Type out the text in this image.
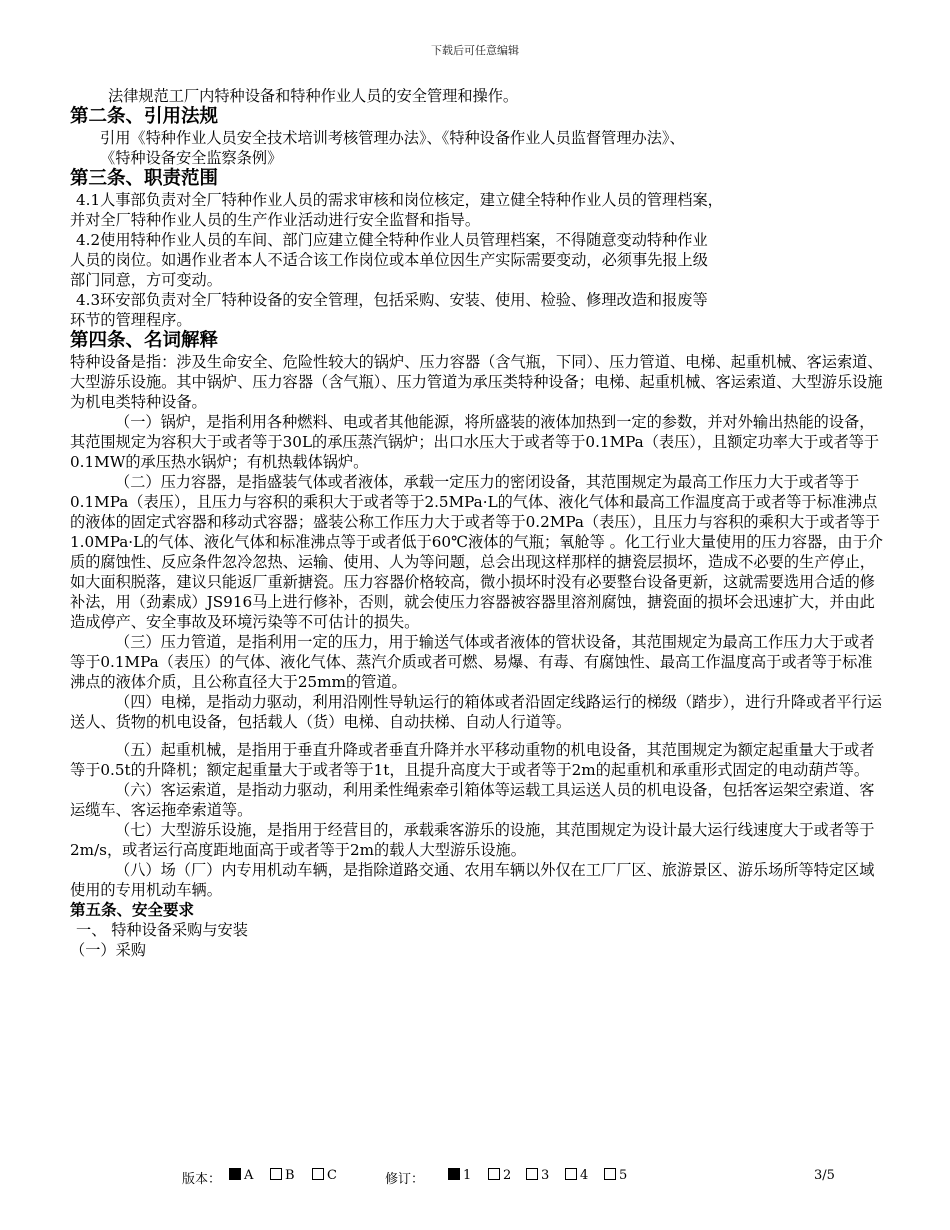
下载后可任意编辑

法律规范工厂内特种设备和特种作业人员的安全管理和操作。

第二条、引用法规

引用《特种作业人员安全技术培训考核管理办法》、《特种设备作业人员监督管理办法》、

《特种设备安全监察条例》

第三条、职责范围

4.1人事部负责对全厂特种作业人员的需求审核和岗位核定，建立健全特种作业人员的管理档案，

并对全厂特种作业人员的生产作业活动进行安全监督和指导。

4.2使用特种作业人员的车间、部门应建立健全特种作业人员管理档案，不得随意变动特种作业

人员的岗位。如遇作业者本人不适合该工作岗位或本单位因生产实际需要变动，必须事先报上级

部门同意，方可变动。

4.3环安部负责对全厂特种设备的安全管理，包括采购、安装、使用、检验、修理改造和报废等

环节的管理程序。

第四条、名词解释

特种设备是指：涉及生命安全、危险性较大的锅炉、压力容器（含气瓶，下同）、压力管道、电梯、起重机械、客运索道、大型游乐设施。其中锅炉、压力容器（含气瓶）、压力管道为承压类特种设备；电梯、起重机械、客运索道、大型游乐设施为机电类特种设备。

（一）锅炉，是指利用各种燃料、电或者其他能源，将所盛装的液体加热到一定的参数，并对外输出热能的设备，其范围规定为容积大于或者等于30L的承压蒸汽锅炉；出口水压大于或者等于0.1MPa（表压），且额定功率大于或者等于0.1MW的承压热水锅炉；有机热载体锅炉。

（二）压力容器，是指盛装气体或者液体，承载一定压力的密闭设备，其范围规定为最高工作压力大于或者等于0.1MPa（表压），且压力与容积的乘积大于或者等于2.5MPa·L的气体、液化气体和最高工作温度高于或者等于标准沸点的液体的固定式容器和移动式容器；盛装公称工作压力大于或者等于0.2MPa（表压），且压力与容积的乘积大于或者等于1.0MPa·L的气体、液化气体和标准沸点等于或者低于60℃液体的气瓶；氧舱等 。化工行业大量使用的压力容器，由于介质的腐蚀性、反应条件忽冷忽热、运输、使用、人为等问题，总会出现这样那样的搪瓷层损坏，造成不必要的生产停止，如大面积脱落，建议只能返厂重新搪瓷。压力容器价格较高，微小损坏时没有必要整台设备更新，这就需要选用合适的修补法，用（劲素成）JS916马上进行修补，否则，就会使压力容器被容器里溶剂腐蚀，搪瓷面的损坏会迅速扩大，并由此造成停产、安全事故及环境污染等不可估计的损失。

（三）压力管道，是指利用一定的压力，用于输送气体或者液体的管状设备，其范围规定为最高工作压力大于或者等于0.1MPa（表压）的气体、液化气体、蒸汽介质或者可燃、易爆、有毒、有腐蚀性、最高工作温度高于或者等于标准沸点的液体介质，且公称直径大于25mm的管道。

（四）电梯，是指动力驱动，利用沿刚性导轨运行的箱体或者沿固定线路运行的梯级（踏步），进行升降或者平行运送人、货物的机电设备，包括载人（货）电梯、自动扶梯、自动人行道等。

（五）起重机械，是指用于垂直升降或者垂直升降并水平移动重物的机电设备，其范围规定为额定起重量大于或者等于0.5t的升降机；额定起重量大于或者等于1t，且提升高度大于或者等于2m的起重机和承重形式固定的电动葫芦等。

（六）客运索道，是指动力驱动，利用柔性绳索牵引箱体等运载工具运送人员的机电设备，包括客运架空索道、客运缆车、客运拖牵索道等。

（七）大型游乐设施，是指用于经营目的，承载乘客游乐的设施，其范围规定为设计最大运行线速度大于或者等于2m/s，或者运行高度距地面高于或者等于2m的载人大型游乐设施。

（八）场（厂）内专用机动车辆，是指除道路交通、农用车辆以外仅在工厂厂区、旅游景区、游乐场所等特定区域使用的专用机动车辆。

第五条、安全要求

一、 特种设备采购与安装

（一）采购

版本：	A	B	C	修订：	1	2	3	4	5	3/5
